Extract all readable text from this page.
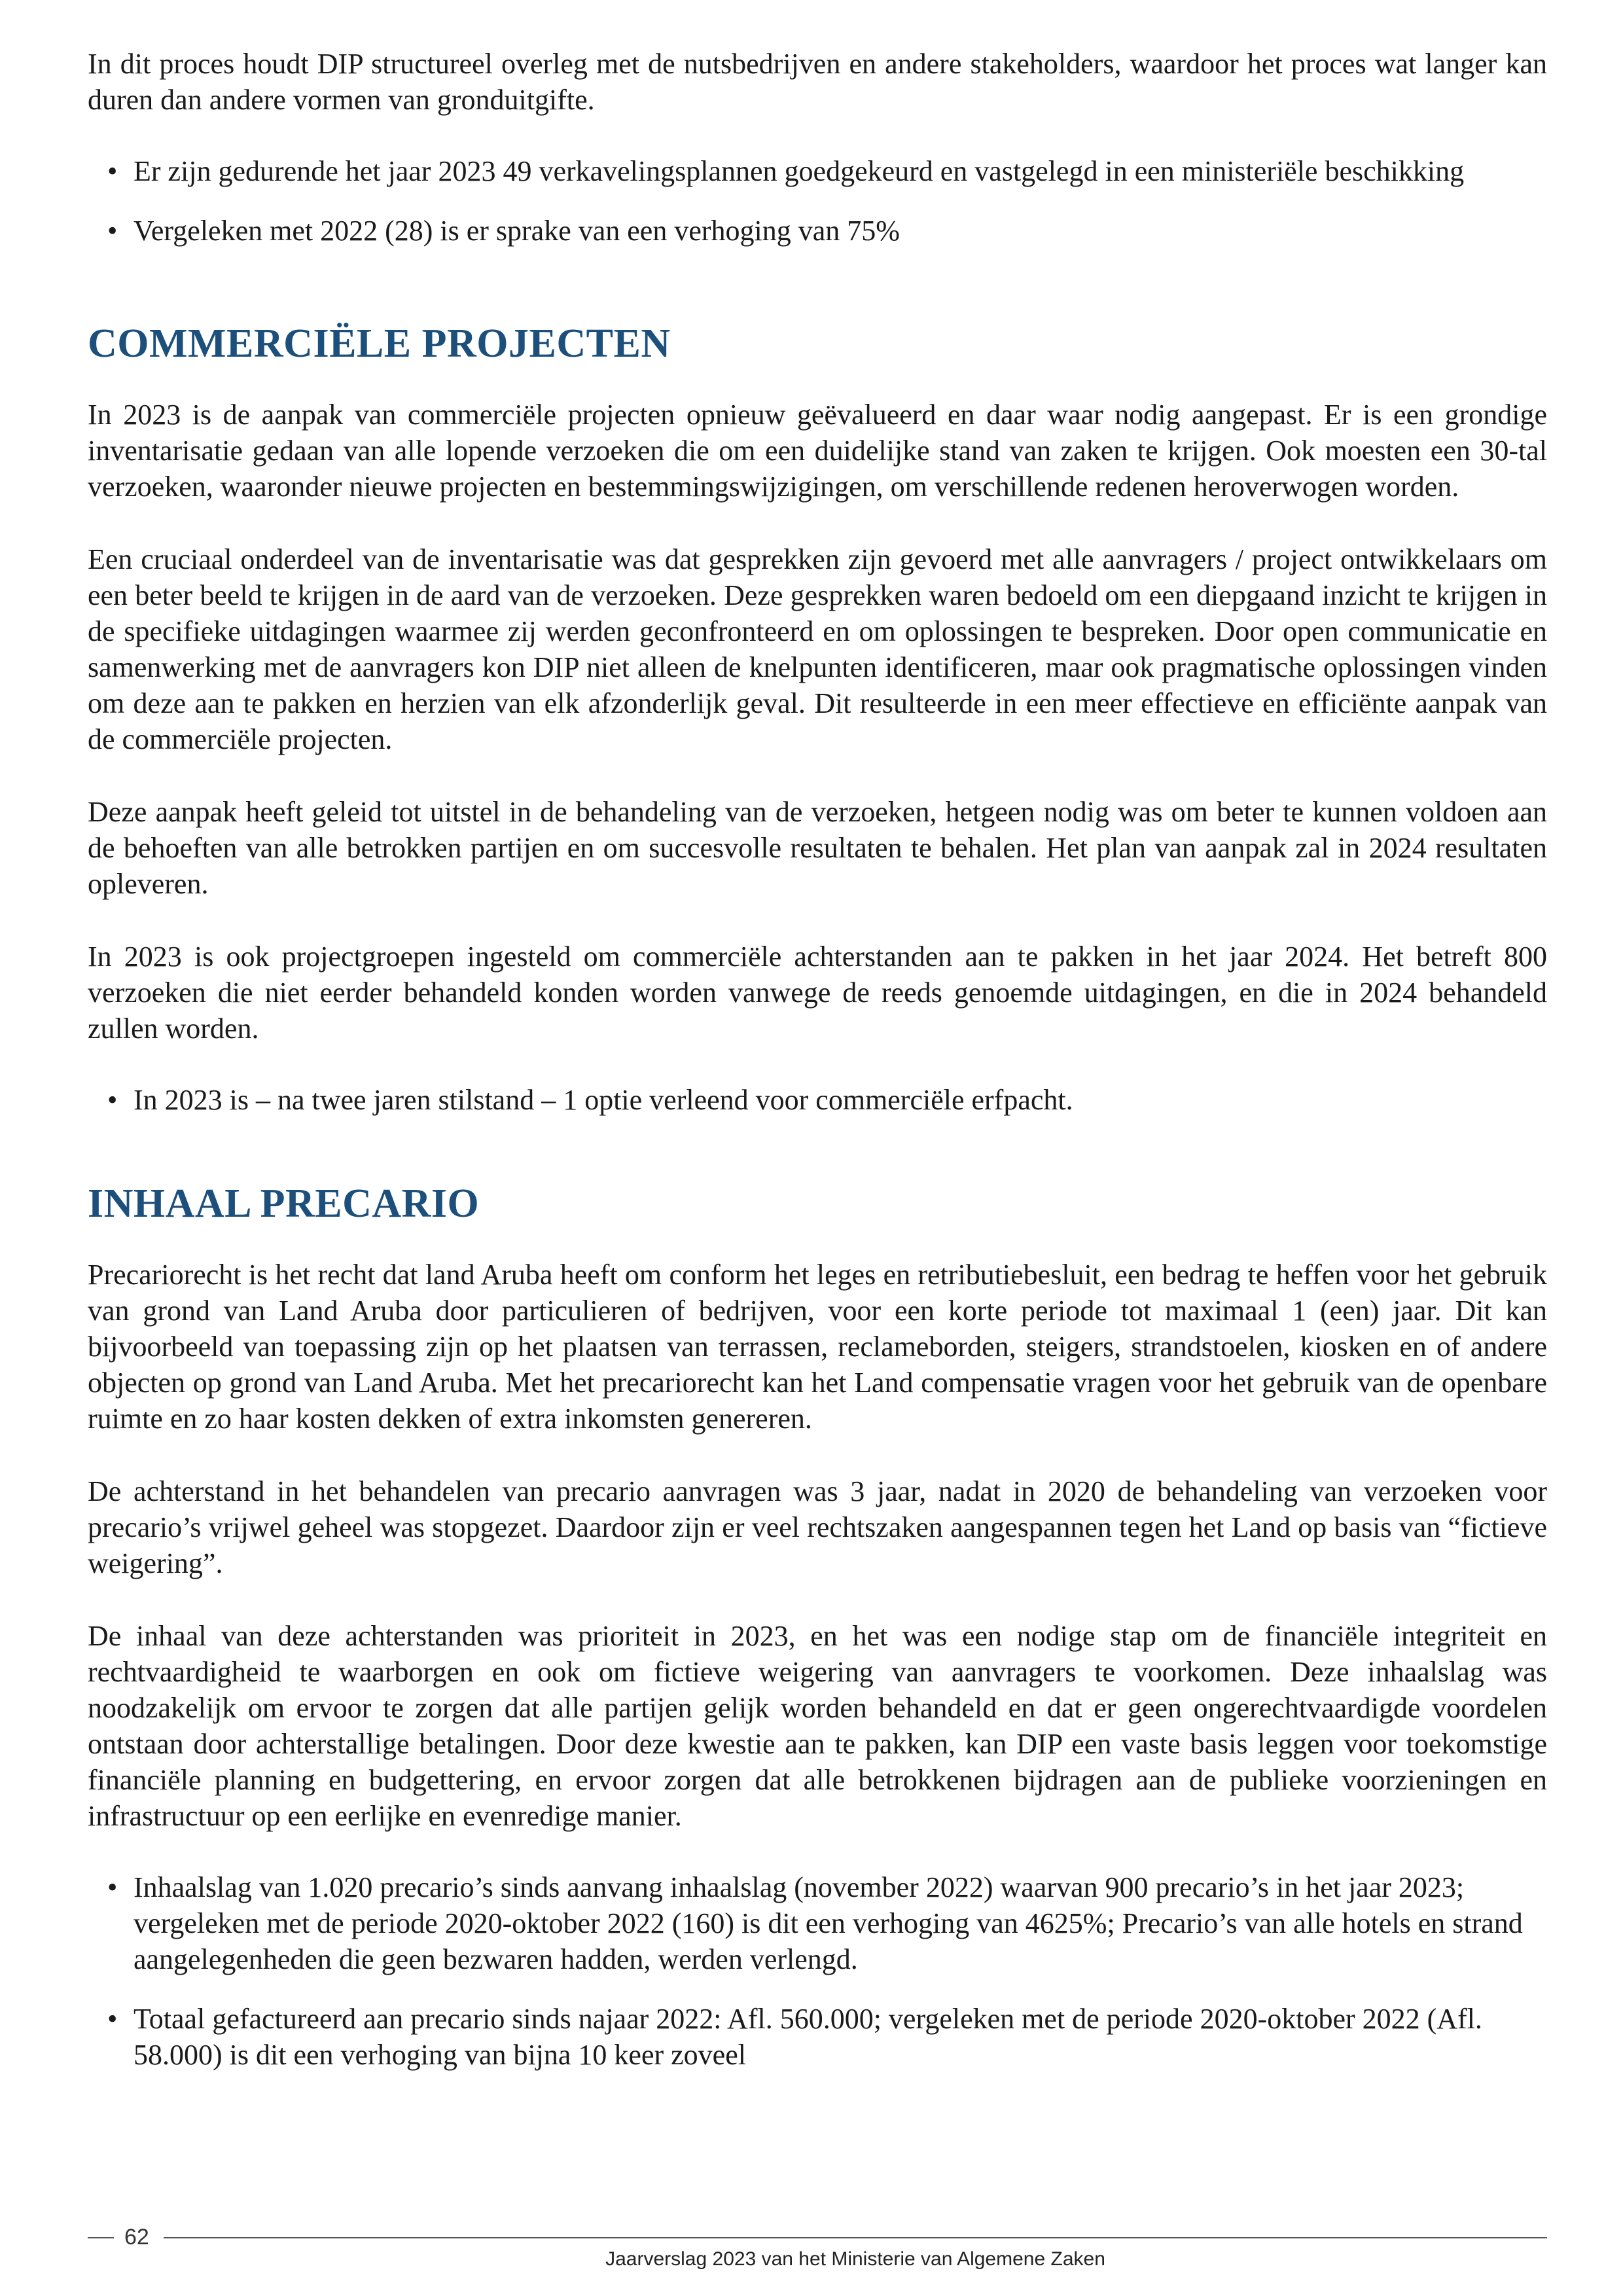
In dit proces houdt DIP structureel overleg met de nutsbedrijven en andere stakeholders, waardoor het proces wat langer kan duren dan andere vormen van gronduitgifte.

• Er zijn gedurende het jaar 2023 49 verkavelingsplannen goedgekeurd en vastgelegd in een ministeriële beschikking
• Vergeleken met 2022 (28) is er sprake van een verhoging van 75%
COMMERCIËLE PROJECTEN

In 2023 is de aanpak van commerciële projecten opnieuw geëvalueerd en daar waar nodig aangepast. Er is een grondige inventarisatie gedaan van alle lopende verzoeken die om een duidelijke stand van zaken te krijgen. Ook moesten een 30-tal verzoeken, waaronder nieuwe projecten en bestemmingswijzigingen, om verschillende redenen heroverwogen worden.

Een cruciaal onderdeel van de inventarisatie was dat gesprekken zijn gevoerd met alle aanvragers / project ontwikkelaars om een beter beeld te krijgen in de aard van de verzoeken. Deze gesprekken waren bedoeld om een diepgaand inzicht te krijgen in de specifieke uitdagingen waarmee zij werden geconfronteerd en om oplossingen te bespreken. Door open communicatie en samenwerking met de aanvragers kon DIP niet alleen de knelpunten identificeren, maar ook pragmatische oplossingen vinden om deze aan te pakken en herzien van elk afzonderlijk geval. Dit resulteerde in een meer effectieve en efficiënte aanpak van de commerciële projecten.

Deze aanpak heeft geleid tot uitstel in de behandeling van de verzoeken, hetgeen nodig was om beter te kunnen voldoen aan de behoeften van alle betrokken partijen en om succesvolle resultaten te behalen. Het plan van aanpak zal in 2024 resultaten opleveren.

In 2023 is ook projectgroepen ingesteld om commerciële achterstanden aan te pakken in het jaar 2024. Het betreft 800 verzoeken die niet eerder behandeld konden worden vanwege de reeds genoemde uitdagingen, en die in 2024 behandeld zullen worden.

• In 2023 is – na twee jaren stilstand – 1 optie verleend voor commerciële erfpacht.
INHAAL PRECARIO

Precariorecht is het recht dat land Aruba heeft om conform het leges en retributiebesluit, een bedrag te heffen voor het gebruik van grond van Land Aruba door particulieren of bedrijven, voor een korte periode tot maximaal 1 (een) jaar. Dit kan bijvoorbeeld van toepassing zijn op het plaatsen van terrassen, reclameborden, steigers, strandstoelen, kiosken en of andere objecten op grond van Land Aruba. Met het precariorecht kan het Land compensatie vragen voor het gebruik van de openbare ruimte en zo haar kosten dekken of extra inkomsten genereren.

De achterstand in het behandelen van precario aanvragen was 3 jaar, nadat in 2020 de behandeling van verzoeken voor precario’s vrijwel geheel was stopgezet. Daardoor zijn er veel rechtszaken aangespannen tegen het Land op basis van “fictieve weigering”.

De inhaal van deze achterstanden was prioriteit in 2023, en het was een nodige stap om de financiële integriteit en rechtvaardigheid te waarborgen en ook om fictieve weigering van aanvragers te voorkomen. Deze inhaalslag was noodzakelijk om ervoor te zorgen dat alle partijen gelijk worden behandeld en dat er geen ongerechtvaardigde voordelen ontstaan door achterstallige betalingen. Door deze kwestie aan te pakken, kan DIP een vaste basis leggen voor toekomstige financiële planning en budgettering, en ervoor zorgen dat alle betrokkenen bijdragen aan de publieke voorzieningen en infrastructuur op een eerlijke en evenredige manier.

• Inhaalslag van 1.020 precario’s sinds aanvang inhaalslag (november 2022) waarvan 900 precario’s in het jaar 2023; vergeleken met de periode 2020-oktober 2022 (160) is dit een verhoging van 4625%; Precario’s van alle hotels en strand aangelegenheden die geen bezwaren hadden, werden verlengd.
• Totaal gefactureerd aan precario sinds najaar 2022: Afl. 560.000; vergeleken met de periode 2020-oktober 2022 (Afl. 58.000) is dit een verhoging van bijna 10 keer zoveel
62
Jaarverslag 2023 van het Ministerie van Algemene Zaken
